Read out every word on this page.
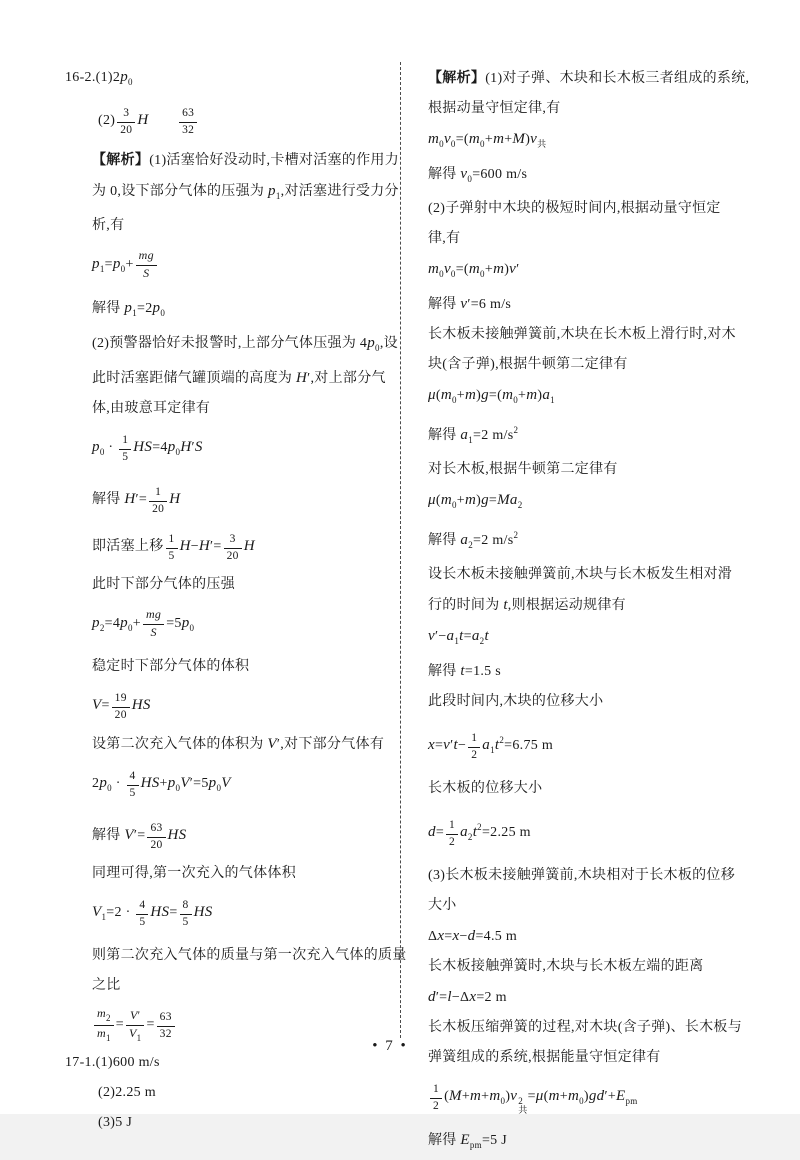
$16-2.(1)2p_0$
$(2) \frac{3}{20}$ H　　	$\frac{63}{32}$
【解析】(1)活塞恰好没动时,卡槽对活塞的作用力
为 0,设下部分气体的压强为 $p_1$,对活塞进行受力分
析,有
$p_1=p_0+ \frac{mg}{S}$
解得 $p_1=2p_0$
(2)预警器恰好未报警时,上部分气体压强为 $4p_0$,设
此时活塞距储气罐顶端的高度为 H′,对上部分气
体,由玻意耳定律有
$p_0 \cdot \frac{1}{5} HS=4p_0H'S$
解得 $H'= \frac{1}{20}$ H
即活塞上移 $\frac{1}{5} H-H'= \frac{3}{20}$ H
此时下部分气体的压强
$p_2=4p_0+ \frac{mg}{S} =5p_0$
稳定时下部分气体的体积
$V= \frac{19}{20}$ HS
设第二次充入气体的体积为 V′,对下部分气体有
$2p_0 \cdot \frac{4}{5} HS+p_0V'=5p_0V$
解得 $V'= \frac{63}{20}$ HS
同理可得,第一次充入的气体体积
$V_1=2 \cdot \frac{4}{5} HS= \frac{8}{5}$ HS
则第二次充入气体的质量与第一次充入气体的质量
之比
$\frac{m_2}{m_1} = \frac{V'}{V_1} = \frac{63}{32}$
17-1.(1)600 m/s
(2)2.25 m
(3)5 J
【解析】(1)对子弹、木块和长木板三者组成的系统,
根据动量守恒定律,有
$m_0v_0=(m_0+m+M)v_共$
解得 $v_0=600$ m/s
(2)子弹射中木块的极短时间内,根据动量守恒定
律,有
$m_0v_0=(m_0+m)v'$
解得 v′=6 m/s
长木板未接触弹簧前,木块在长木板上滑行时,对木
块(含子弹),根据牛顿第二定律有
$\mu(m_0+m)g=(m_0+m)a_1$
解得 $a_1=2$ $m/s^2$
对长木板,根据牛顿第二定律有
$\mu(m_0+m)g=Ma_2$
解得 $a_2=2$ $m/s^2$
设长木板未接触弹簧前,木块与长木板发生相对滑
行的时间为 t,则根据运动规律有
$v'-a_1t=a_2t$
解得 t=1.5 s
此段时间内,木块的位移大小
$x=v't- \frac{1}{2} a_1t^2=6.75$ m
长木板的位移大小
$d= \frac{1}{2} a_2t^2=2.25$ m
(3)长木板未接触弹簧前,木块相对于长木板的位移
大小
Δx=x−d=4.5 m
长木板接触弹簧时,木块与长木板左端的距离
d′=l−Δx=2 m
长木板压缩弹簧的过程,对木块(含子弹)、长木板与
弹簧组成的系统,根据能量守恒定律有
$\frac{1}{2} (M+m+m_0)v$ 2
共
$=\mu(m+m_0)gd'+E_{pm}$
解得 $E_{pm}=5$ J
• 7 •
